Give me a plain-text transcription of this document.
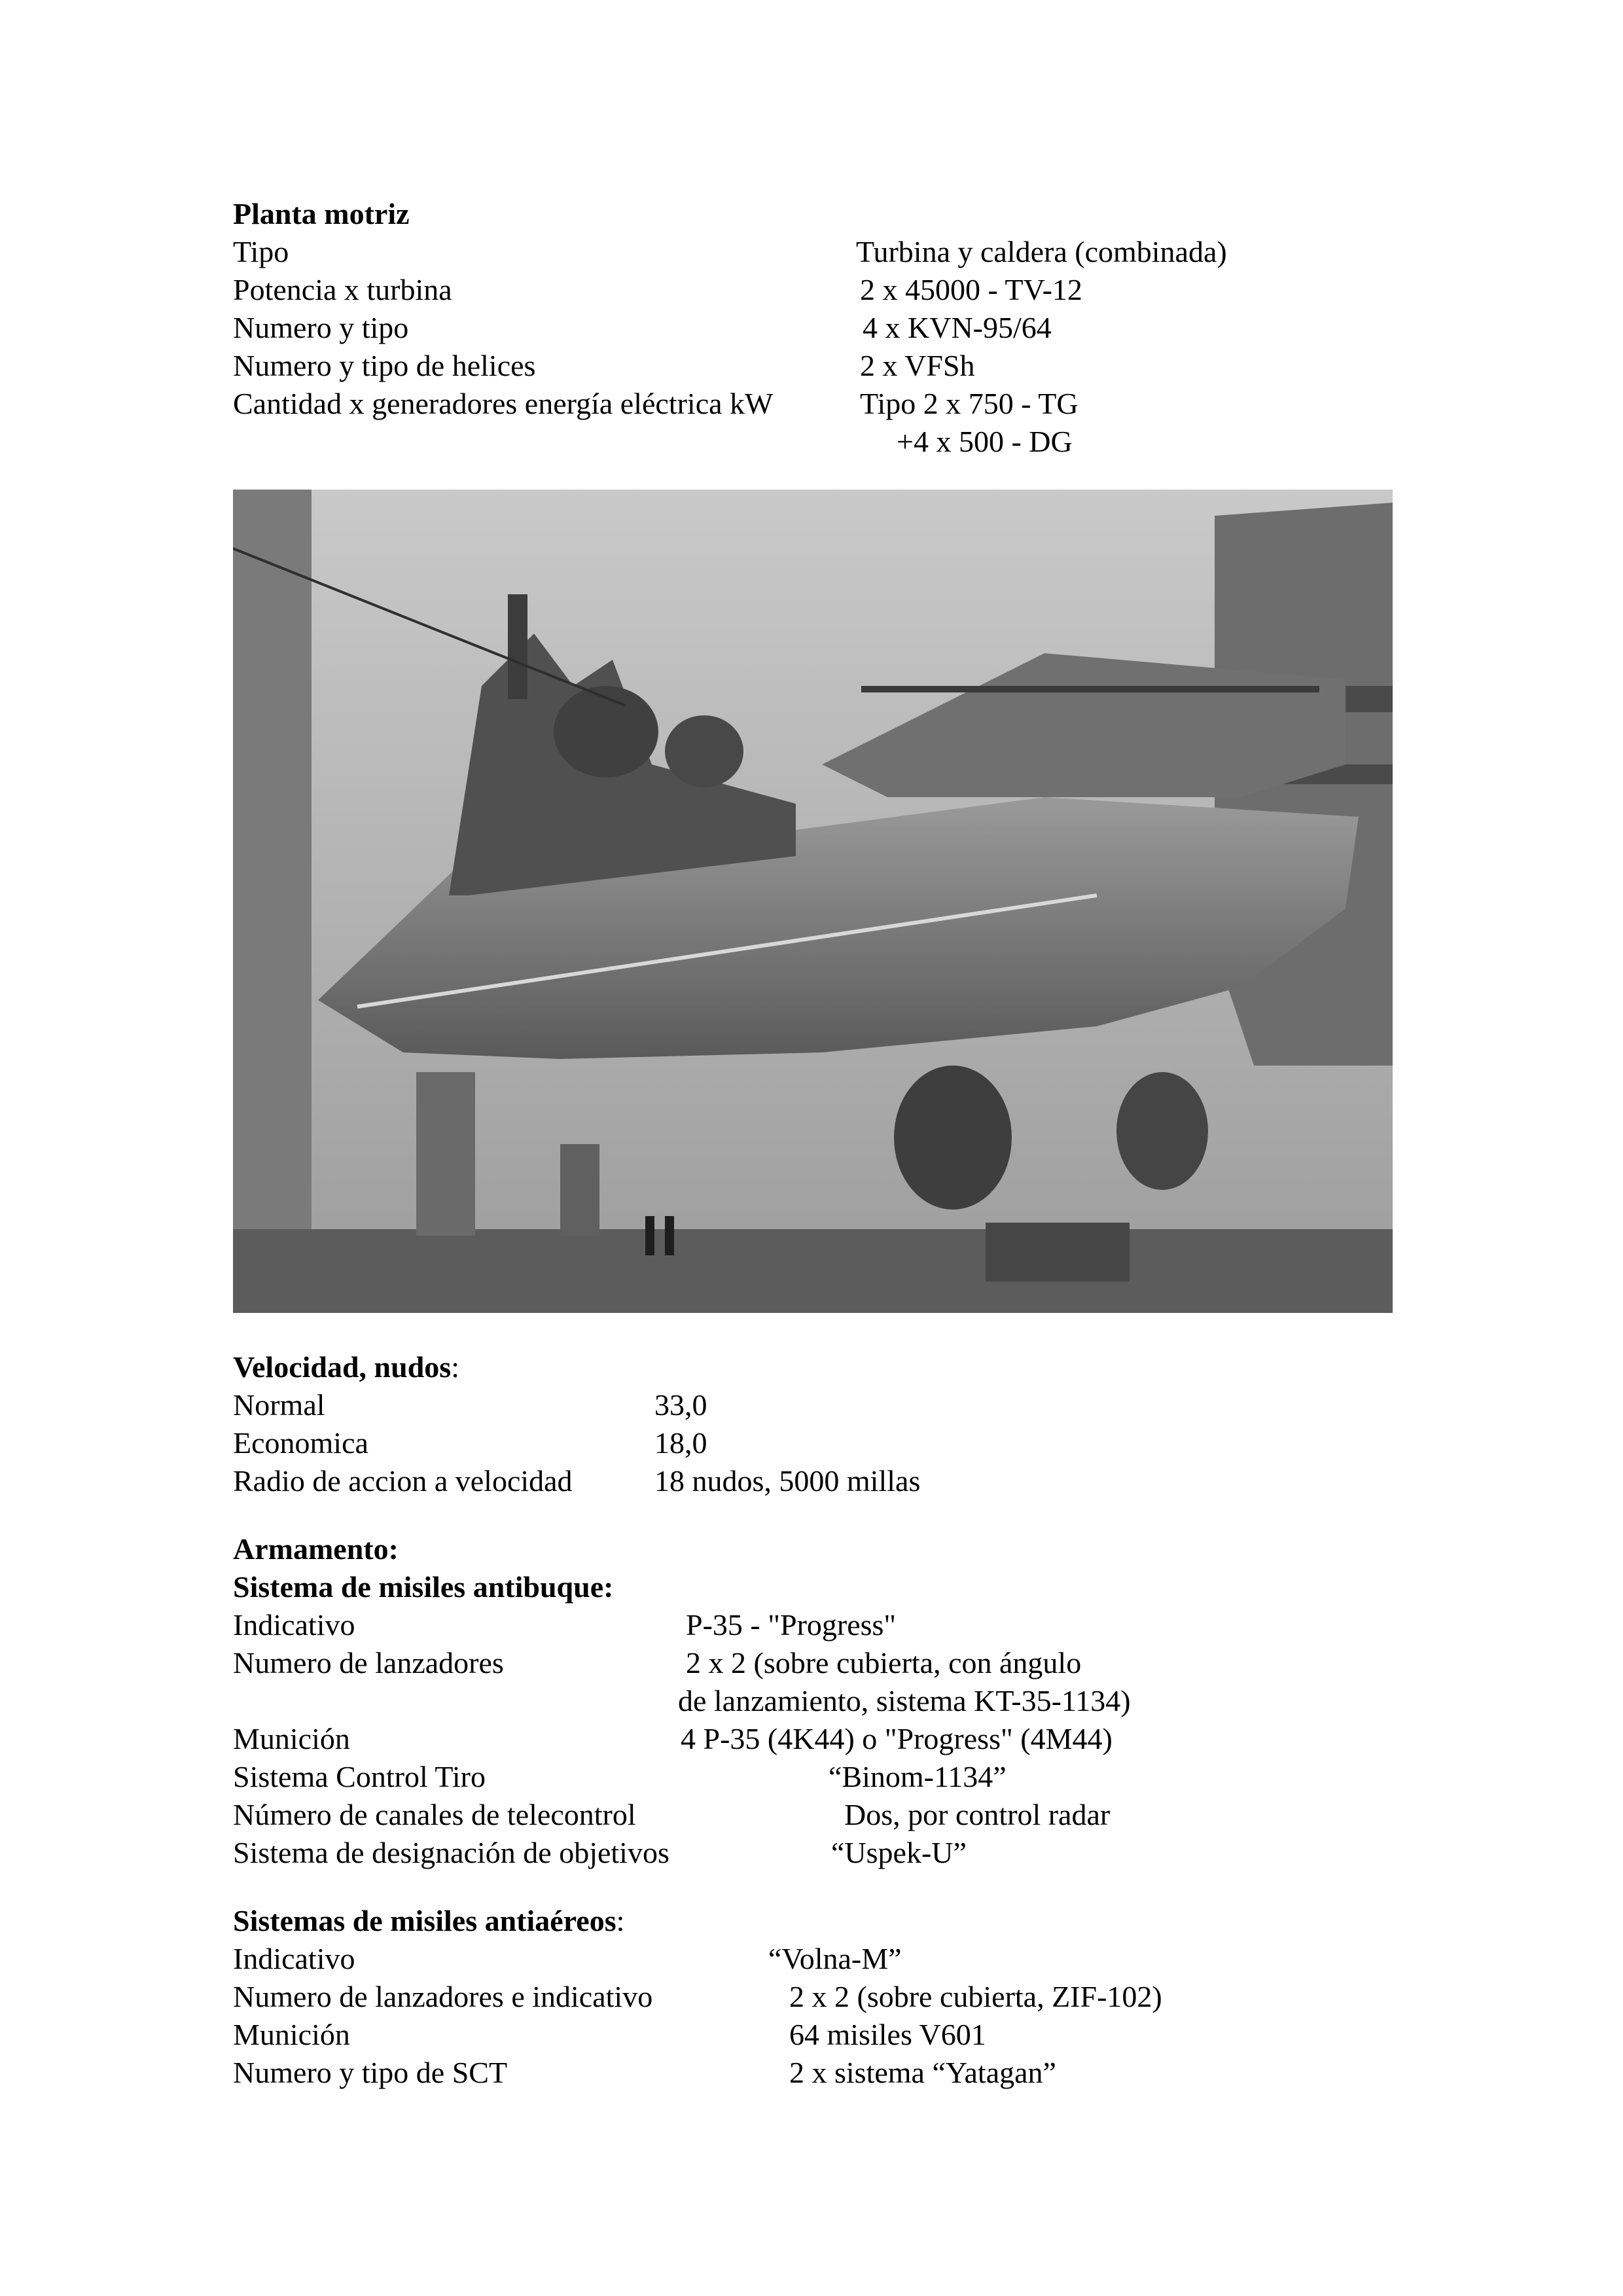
Planta motriz
Tipo	Turbina y caldera (combinada)
Potencia x turbina	2 x 45000 - TV-12
Numero y tipo	4 x KVN-95/64
Numero y tipo de helices	2 x VFSh
Cantidad x generadores energía eléctrica kW	Tipo 2 x 750 - TG
+4 x 500 - DG
Velocidad, nudos:
Normal	33,0
Economica	18,0
Radio de accion a velocidad	18 nudos, 5000 millas
Armamento:
Sistema de misiles antibuque:
Indicativo	P-35 - "Progress"
Numero de lanzadores	2 x 2 (sobre cubierta, con ángulo
de lanzamiento, sistema KT-35-1134)
Munición	4 P-35 (4K44) o "Progress" (4M44)
Sistema Control Tiro	“Binom-1134”
Número de canales de telecontrol	Dos, por control radar
Sistema de designación de objetivos	“Uspek-U”
Sistemas de misiles antiaéreos:
Indicativo	“Volna-M”
Numero de lanzadores e indicativo	2 x 2 (sobre cubierta, ZIF-102)
Munición	64 misiles V601
Numero y tipo de SCT	2 x sistema “Yatagan”
